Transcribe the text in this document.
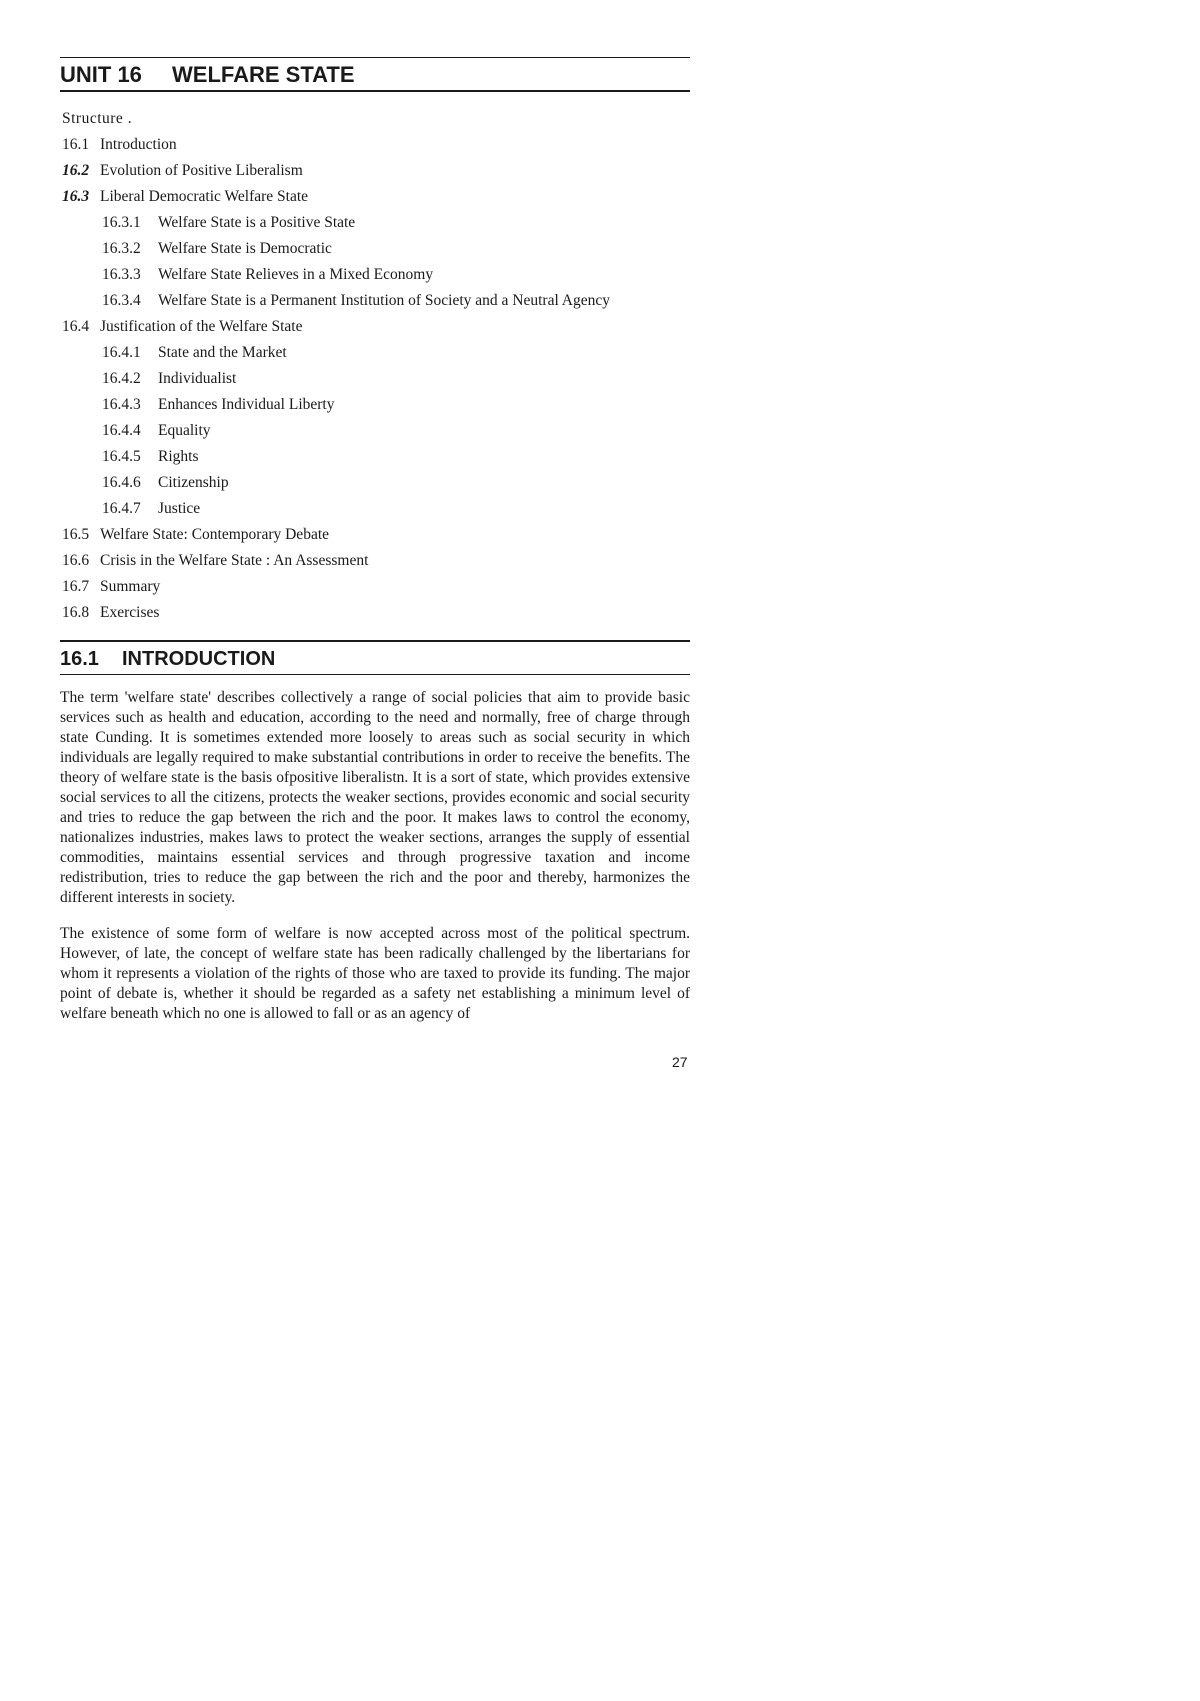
UNIT 16 WELFARE STATE
Structure .
16.1 Introduction
16.2 Evolution of Positive Liberalism
16.3 Liberal Democratic Welfare State
16.3.1 Welfare State is a Positive State
16.3.2 Welfare State is Democratic
16.3.3 Welfare State Relieves in a Mixed Economy
16.3.4 Welfare State is a Permanent Institution of Society and a Neutral Agency
16.4 Justification of the Welfare State
16.4.1 State and the Market
16.4.2 Individualist
16.4.3 Enhances Individual Liberty
16.4.4 Equality
16.4.5 Rights
16.4.6 Citizenship
16.4.7 Justice
16.5 Welfare State: Contemporary Debate
16.6 Crisis in the Welfare State : An Assessment
16.7 Summary
16.8 Exercises
16.1 INTRODUCTION

The term 'welfare state' describes collectively a range of social policies that aim to provide basic services such as health and education, according to the need and normally, free of charge through state Cunding. It is sometimes extended more loosely to areas such as social security in which individuals are legally required to make substantial contributions in order to receive the benefits. The theory of welfare state is the basis ofpositive liberalistn. It is a sort of state, which provides extensive social services to all the citizens, protects the weaker sections, provides economic and social security and tries to reduce the gap between the rich and the poor. It makes laws to control the economy, nationalizes industries, makes laws to protect the weaker sections, arranges the supply of essential commodities, maintains essential services and through progressive taxation and income redistribution, tries to reduce the gap between the rich and the poor and thereby, harmonizes the different interests in society.

The existence of some form of welfare is now accepted across most of the political spectrum. However, of late, the concept of welfare state has been radically challenged by the libertarians for whom it represents a violation of the rights of those who are taxed to provide its funding. The major point of debate is, whether it should be regarded as a safety net establishing a minimum level of welfare beneath which no one is allowed to fall or as an agency of

27
